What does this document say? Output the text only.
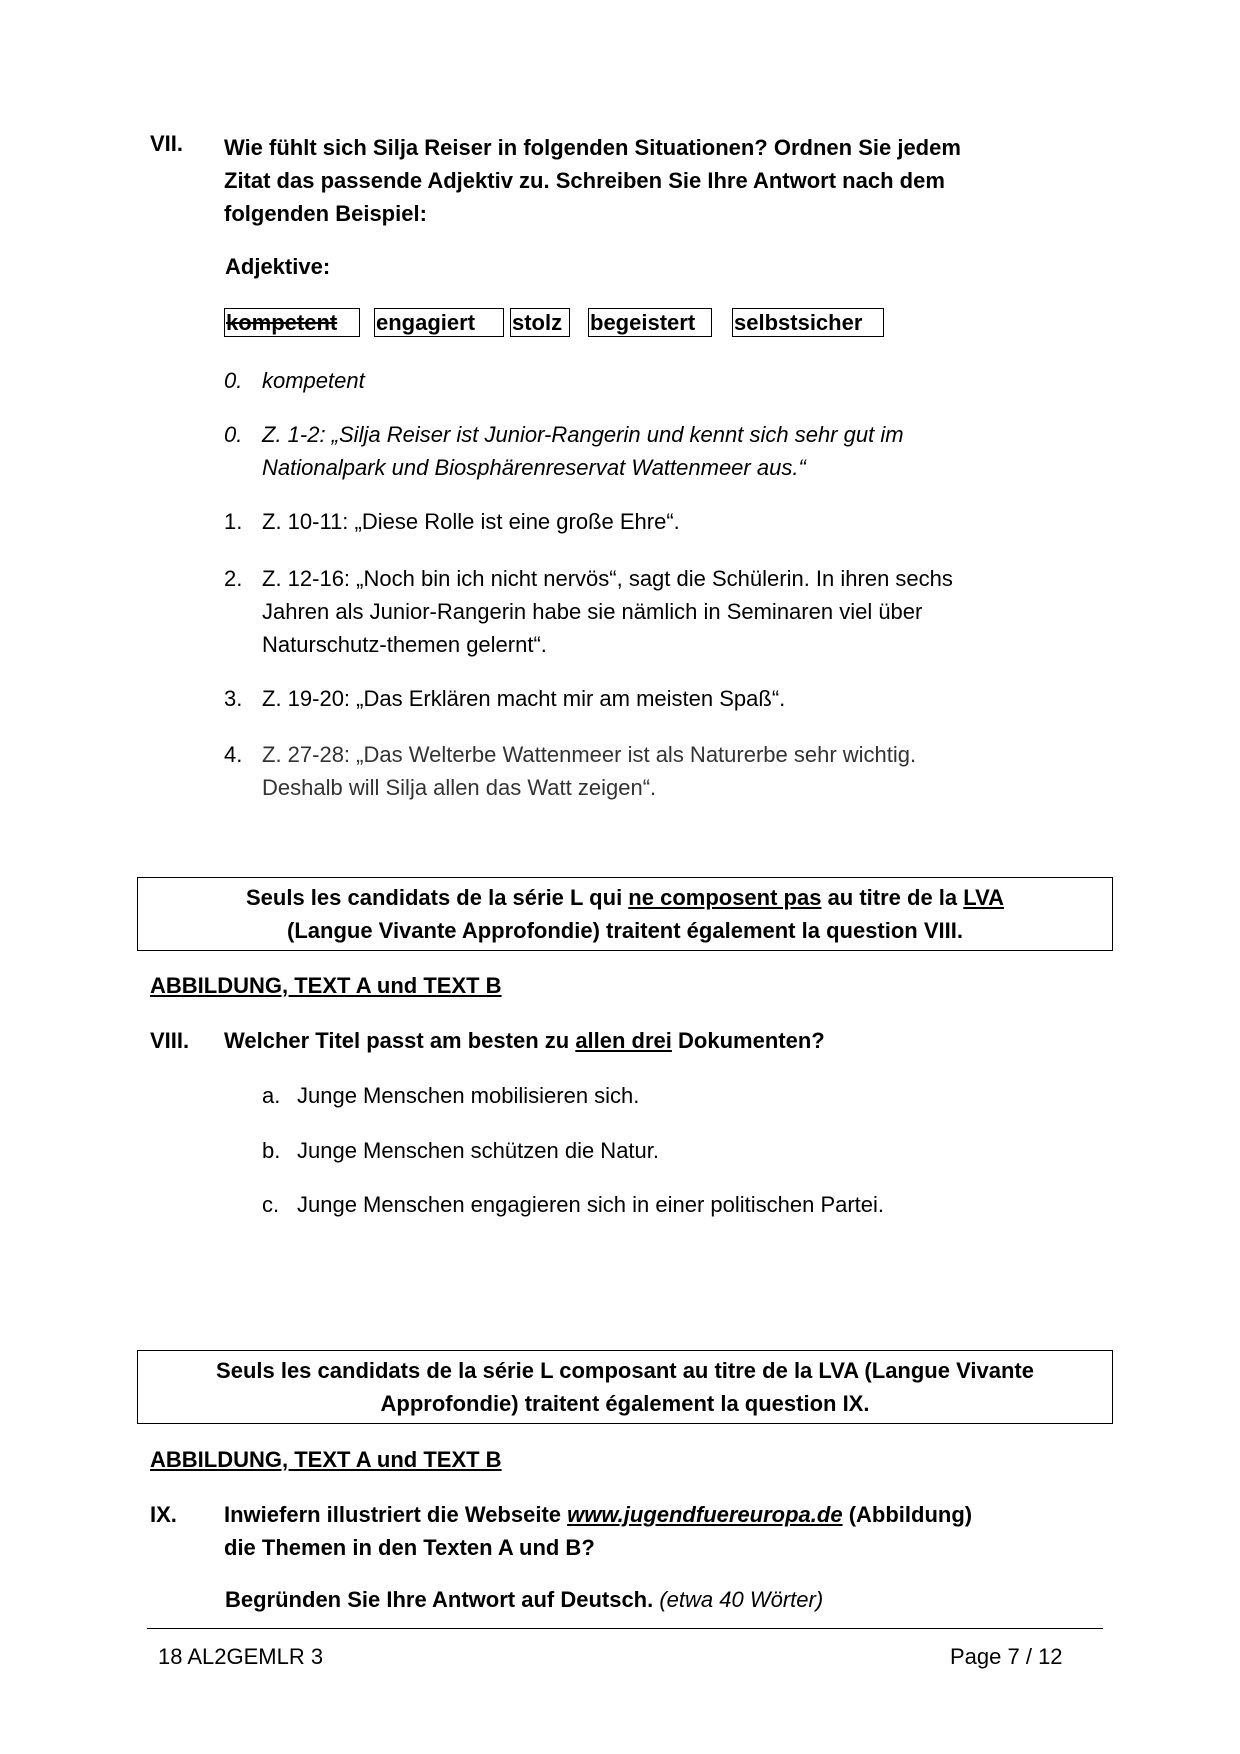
VII. Wie fühlt sich Silja Reiser in folgenden Situationen? Ordnen Sie jedem
Zitat das passende Adjektiv zu. Schreiben Sie Ihre Antwort nach dem
folgenden Beispiel:
Adjektive:
kompetent	engagiert	stolz	begeistert	selbstsicher
0. kompetent
0. Z. 1-2: „Silja Reiser ist Junior-Rangerin und kennt sich sehr gut im
Nationalpark und Biosphärenreservat Wattenmeer aus.“
1. Z. 10-11: „Diese Rolle ist eine große Ehre“.
2. Z. 12-16: „Noch bin ich nicht nervös“, sagt die Schülerin. In ihren sechs
Jahren als Junior-Rangerin habe sie nämlich in Seminaren viel über
Naturschutz-themen gelernt“.
3. Z. 19-20: „Das Erklären macht mir am meisten Spaß“.
4. Z. 27-28: „Das Welterbe Wattenmeer ist als Naturerbe sehr wichtig.
Deshalb will Silja allen das Watt zeigen“.
Seuls les candidats de la série L qui ne composent pas au titre de la LVA
(Langue Vivante Approfondie) traitent également la question VIII.
ABBILDUNG, TEXT A und TEXT B
VIII. Welcher Titel passt am besten zu allen drei Dokumenten?
a. Junge Menschen mobilisieren sich.
b. Junge Menschen schützen die Natur.
c. Junge Menschen engagieren sich in einer politischen Partei.
Seuls les candidats de la série L composant au titre de la LVA (Langue Vivante
Approfondie) traitent également la question IX.
ABBILDUNG, TEXT A und TEXT B
IX. Inwiefern illustriert die Webseite www.jugendfuereuropa.de (Abbildung)
die Themen in den Texten A und B?
Begründen Sie Ihre Antwort auf Deutsch. (etwa 40 Wörter)
18 AL2GEMLR 3	Page 7 / 12
